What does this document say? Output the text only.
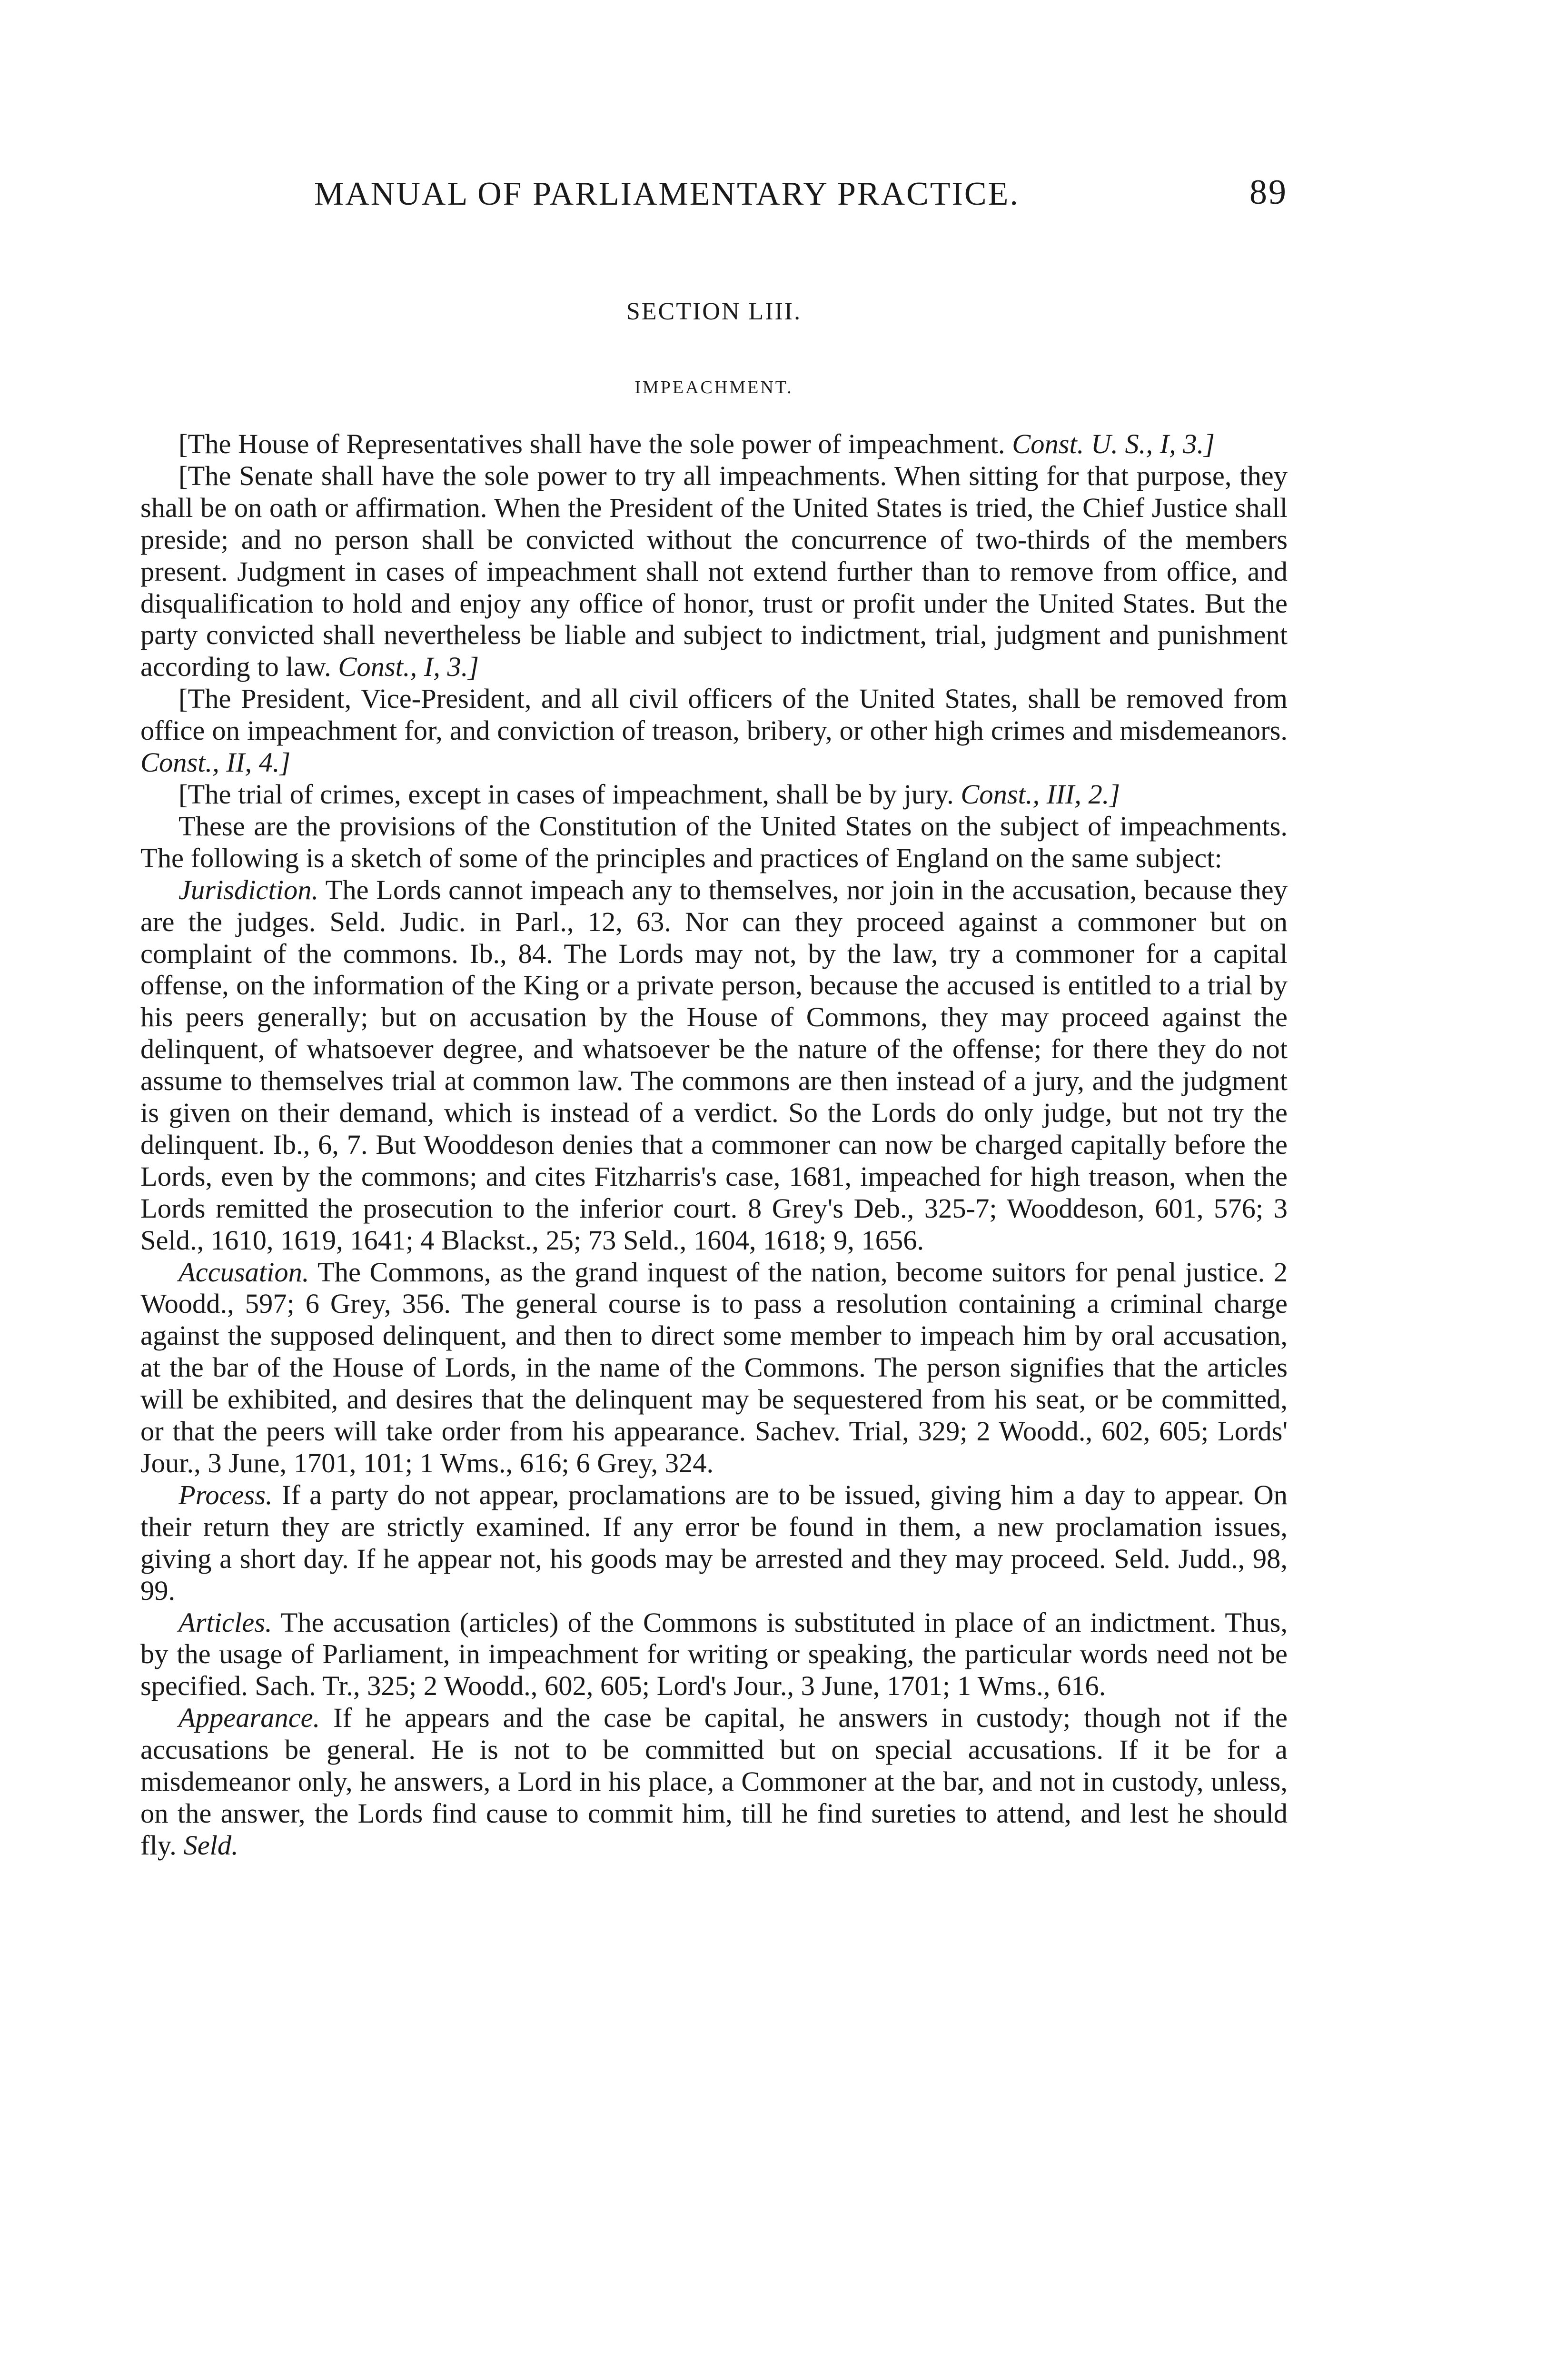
MANUAL OF PARLIAMENTARY PRACTICE.	89
SECTION LIII.
IMPEACHMENT.

[The House of Representatives shall have the sole power of impeachment. Const. U. S., I, 3.]

[The Senate shall have the sole power to try all impeachments. When sitting for that purpose, they shall be on oath or affirmation. When the President of the United States is tried, the Chief Justice shall preside; and no person shall be convicted without the concurrence of two-thirds of the members present. Judgment in cases of impeachment shall not extend further than to remove from office, and disqualification to hold and enjoy any office of honor, trust or profit under the United States. But the party convicted shall nevertheless be liable and subject to indictment, trial, judgment and punishment according to law. Const., I, 3.]

[The President, Vice-President, and all civil officers of the United States, shall be removed from office on impeachment for, and conviction of treason, bribery, or other high crimes and misdemeanors. Const., II, 4.]

[The trial of crimes, except in cases of impeachment, shall be by jury. Const., III, 2.]

These are the provisions of the Constitution of the United States on the subject of impeachments. The following is a sketch of some of the principles and practices of England on the same subject:

Jurisdiction. The Lords cannot impeach any to themselves, nor join in the accusation, because they are the judges. Seld. Judic. in Parl., 12, 63. Nor can they proceed against a commoner but on complaint of the commons. Ib., 84. The Lords may not, by the law, try a commoner for a capital offense, on the information of the King or a private person, because the accused is entitled to a trial by his peers generally; but on accusation by the House of Commons, they may proceed against the delinquent, of whatsoever degree, and whatsoever be the nature of the offense; for there they do not assume to themselves trial at common law. The commons are then instead of a jury, and the judgment is given on their demand, which is instead of a verdict. So the Lords do only judge, but not try the delinquent. Ib., 6, 7. But Wooddeson denies that a commoner can now be charged capitally before the Lords, even by the commons; and cites Fitzharris's case, 1681, impeached for high treason, when the Lords remitted the prosecution to the inferior court. 8 Grey's Deb., 325-7; Wooddeson, 601, 576; 3 Seld., 1610, 1619, 1641; 4 Blackst., 25; 73 Seld., 1604, 1618; 9, 1656.

Accusation. The Commons, as the grand inquest of the nation, become suitors for penal justice. 2 Woodd., 597; 6 Grey, 356. The general course is to pass a resolution containing a criminal charge against the supposed delinquent, and then to direct some member to impeach him by oral accusation, at the bar of the House of Lords, in the name of the Commons. The person signifies that the articles will be exhibited, and desires that the delinquent may be sequestered from his seat, or be committed, or that the peers will take order from his appearance. Sachev. Trial, 329; 2 Woodd., 602, 605; Lords' Jour., 3 June, 1701, 101; 1 Wms., 616; 6 Grey, 324.

Process. If a party do not appear, proclamations are to be issued, giving him a day to appear. On their return they are strictly examined. If any error be found in them, a new proclamation issues, giving a short day. If he appear not, his goods may be arrested and they may proceed. Seld. Judd., 98, 99.

Articles. The accusation (articles) of the Commons is substituted in place of an indictment. Thus, by the usage of Parliament, in impeachment for writing or speaking, the particular words need not be specified. Sach. Tr., 325; 2 Woodd., 602, 605; Lord's Jour., 3 June, 1701; 1 Wms., 616.

Appearance. If he appears and the case be capital, he answers in custody; though not if the accusations be general. He is not to be committed but on special accusations. If it be for a misdemeanor only, he answers, a Lord in his place, a Commoner at the bar, and not in custody, unless, on the answer, the Lords find cause to commit him, till he find sureties to attend, and lest he should fly. Seld.
